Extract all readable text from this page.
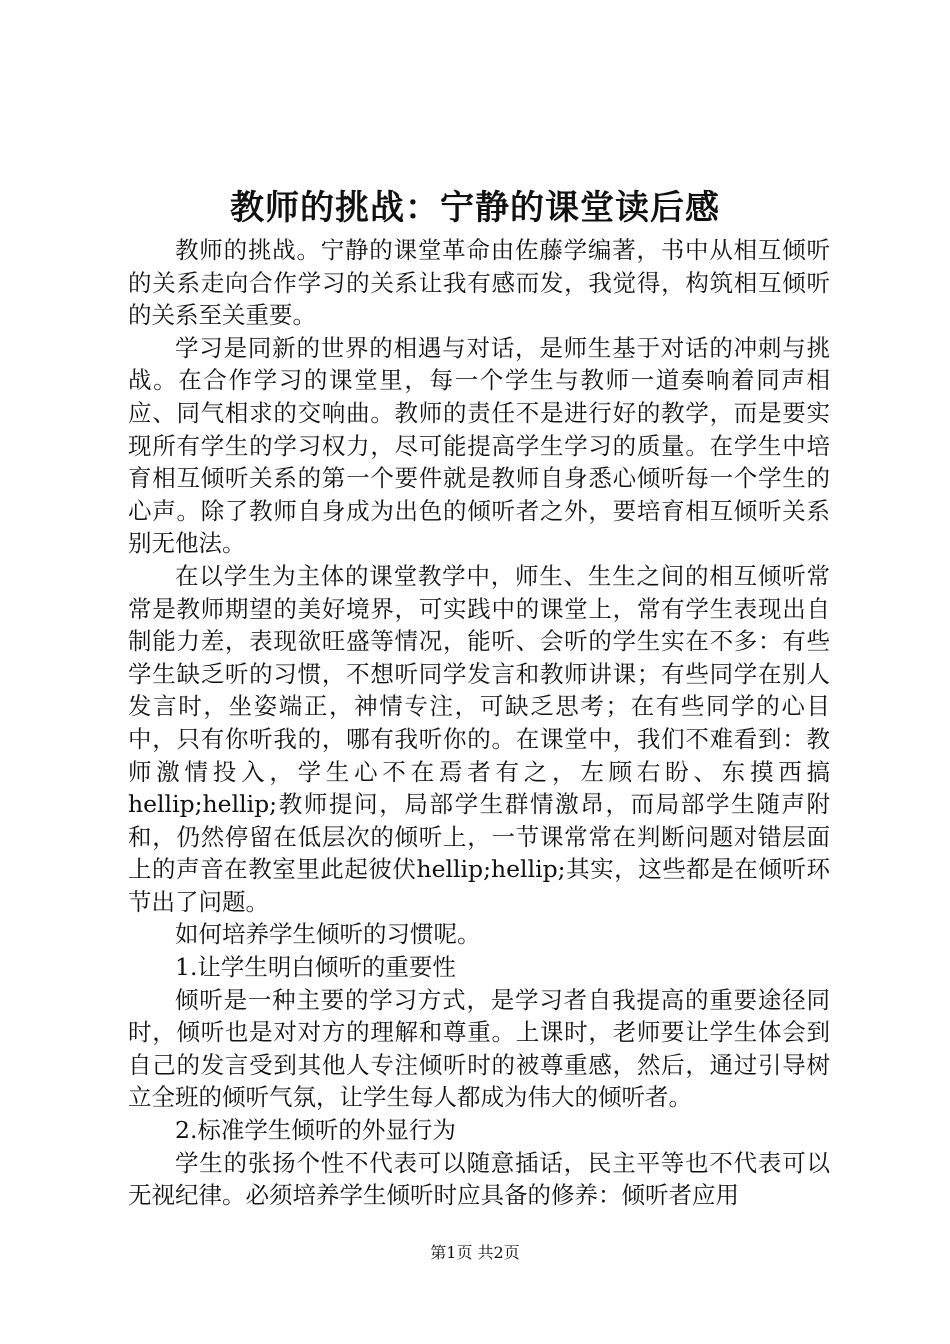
教师的挑战：宁静的课堂读后感

教师的挑战。宁静的课堂革命由佐藤学编著，书中从相互倾听的关系走向合作学习的关系让我有感而发，我觉得，构筑相互倾听的关系至关重要。

学习是同新的世界的相遇与对话，是师生基于对话的冲刺与挑战。在合作学习的课堂里，每一个学生与教师一道奏响着同声相应、同气相求的交响曲。教师的责任不是进行好的教学，而是要实现所有学生的学习权力，尽可能提高学生学习的质量。在学生中培育相互倾听关系的第一个要件就是教师自身悉心倾听每一个学生的心声。除了教师自身成为出色的倾听者之外，要培育相互倾听关系别无他法。

在以学生为主体的课堂教学中，师生、生生之间的相互倾听常常是教师期望的美好境界，可实践中的课堂上，常有学生表现出自制能力差，表现欲旺盛等情况，能听、会听的学生实在不多：有些学生缺乏听的习惯，不想听同学发言和教师讲课；有些同学在别人发言时，坐姿端正，神情专注，可缺乏思考；在有些同学的心目中，只有你听我的，哪有我听你的。在课堂中，我们不难看到：教师激情投入，学生心不在焉者有之，左顾右盼、东摸西搞hellip;hellip;教师提问，局部学生群情激昂，而局部学生随声附和，仍然停留在低层次的倾听上，一节课常常在判断问题对错层面上的声音在教室里此起彼伏hellip;hellip;其实，这些都是在倾听环节出了问题。

如何培养学生倾听的习惯呢。

1.让学生明白倾听的重要性

倾听是一种主要的学习方式，是学习者自我提高的重要途径同时，倾听也是对对方的理解和尊重。上课时，老师要让学生体会到自己的发言受到其他人专注倾听时的被尊重感，然后，通过引导树立全班的倾听气氛，让学生每人都成为伟大的倾听者。

2.标准学生倾听的外显行为

学生的张扬个性不代表可以随意插话，民主平等也不代表可以无视纪律。必须培养学生倾听时应具备的修养：倾听者应用

第1页 共2页
